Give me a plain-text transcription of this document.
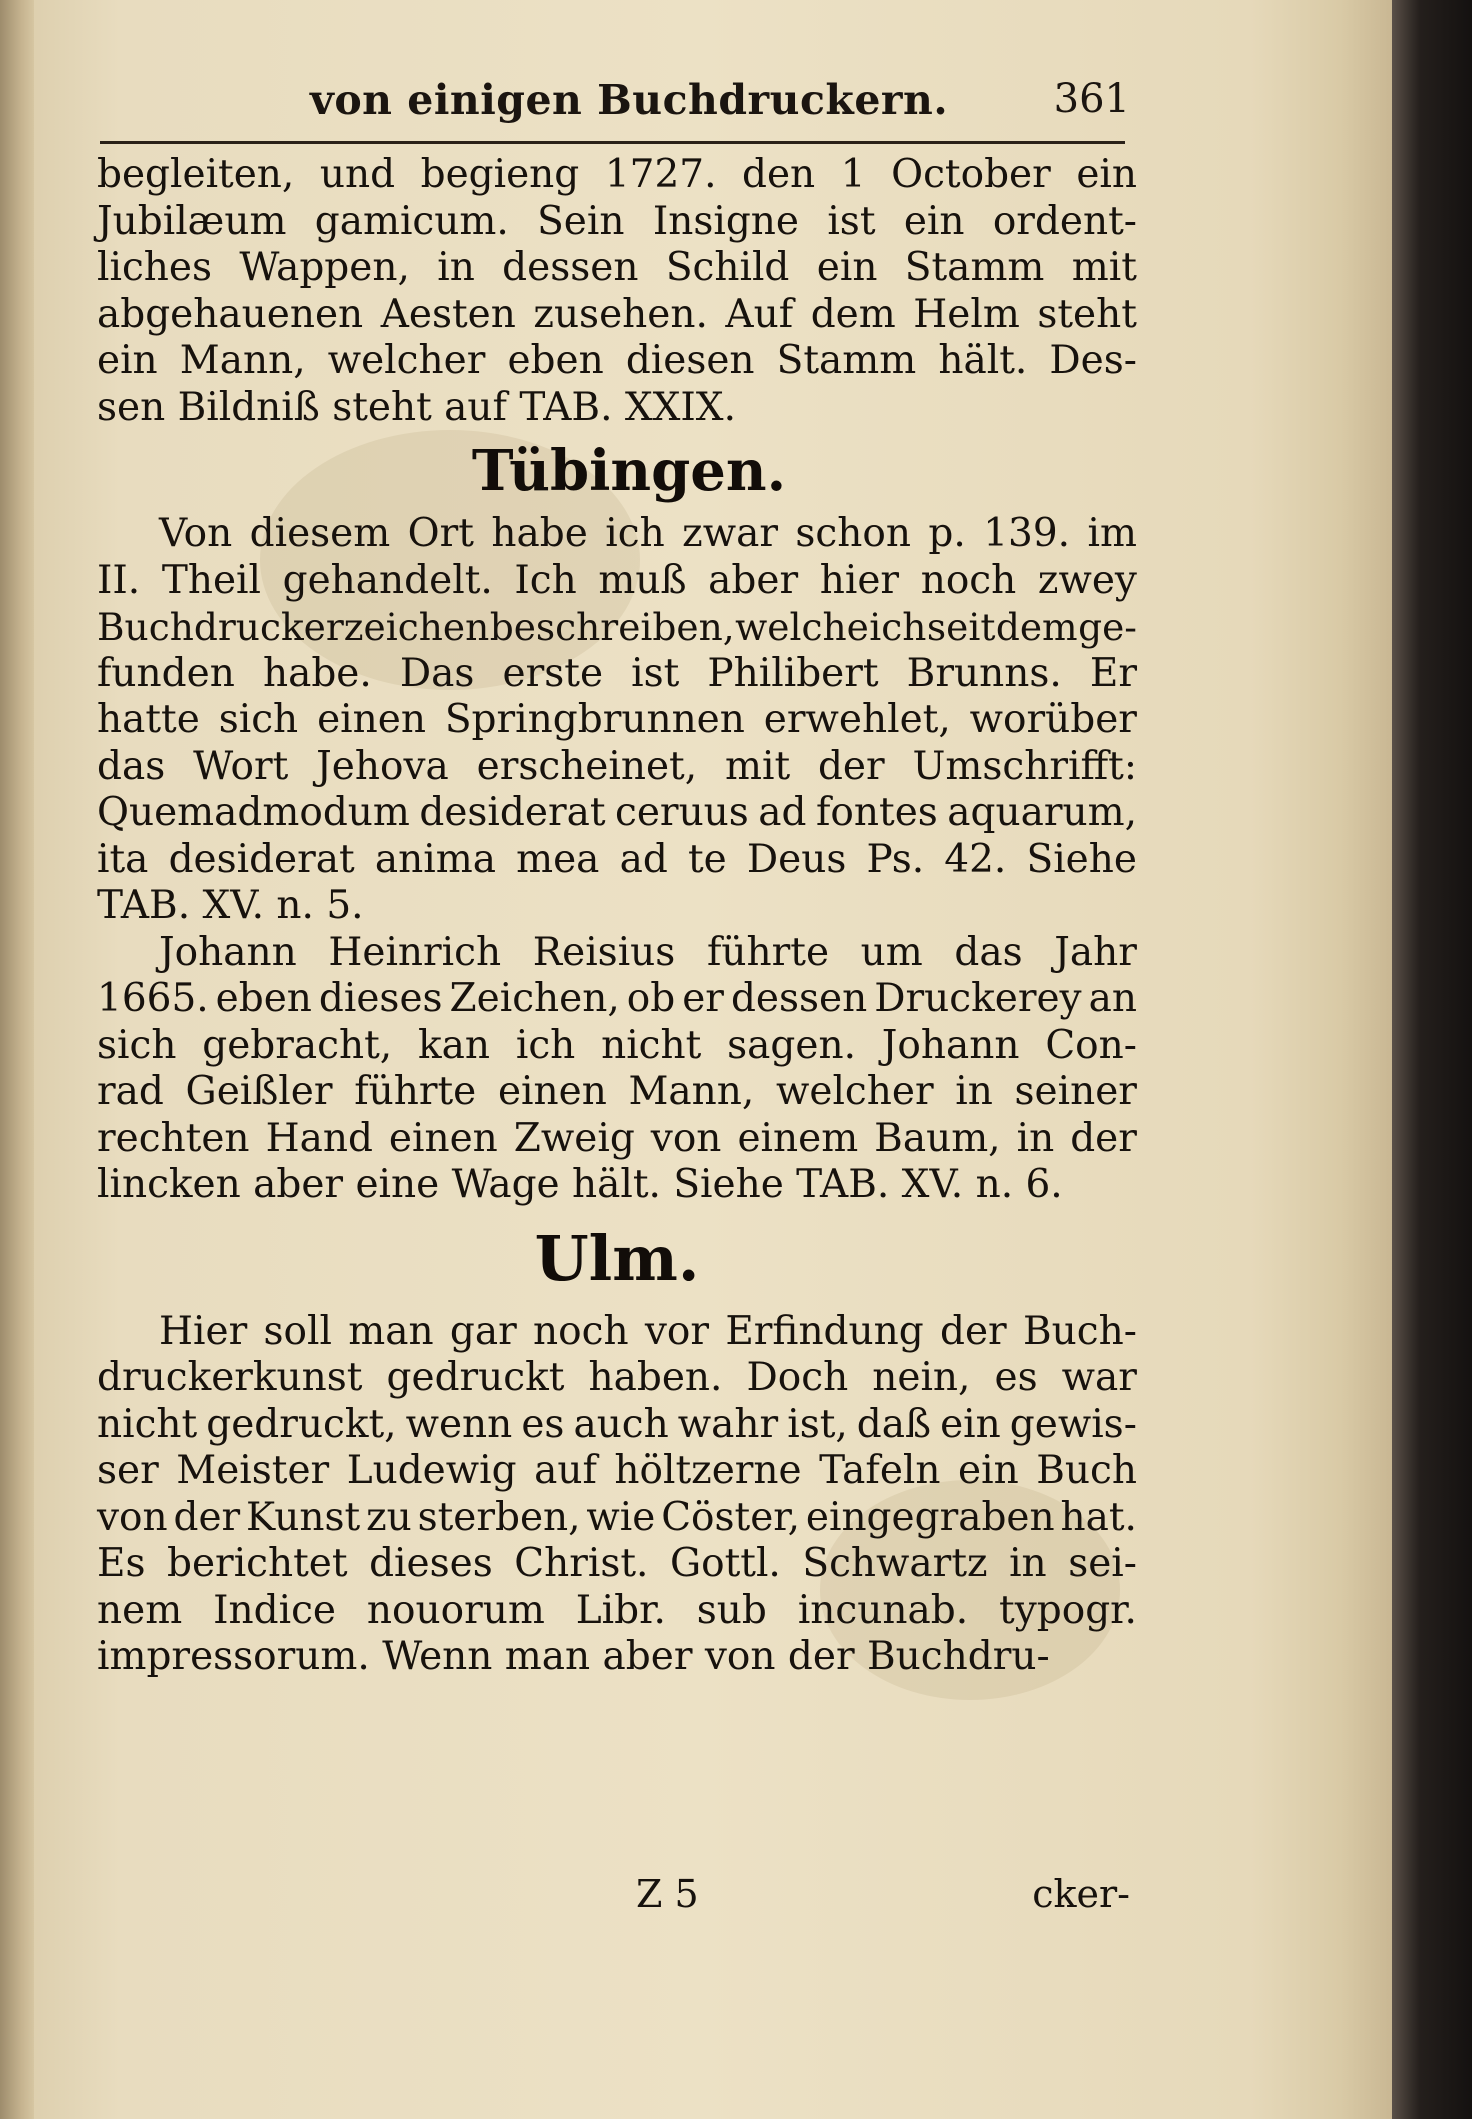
von einigen Buchdruckern.	361
begleiten, und begieng 1727. den 1 October ein
Jubilæum gamicum. Sein Insigne ist ein ordent-
liches Wappen, in dessen Schild ein Stamm mit
abgehauenen Aesten zusehen. Auf dem Helm steht
ein Mann, welcher eben diesen Stamm hält. Des-
sen Bildniß steht auf TAB. XXIX.
Tübingen.
Von diesem Ort habe ich zwar schon p. 139. im
II. Theil gehandelt. Ich muß aber hier noch zwey
Buchdruckerzeichen beschreiben, welche ich seit dem ge-
funden habe. Das erste ist Philibert Brunns. Er
hatte sich einen Springbrunnen erwehlet, worüber
das Wort Jehova erscheinet, mit der Umschrifft:
Quemadmodum desiderat ceruus ad fontes aquarum,
ita desiderat anima mea ad te Deus Ps. 42. Siehe
TAB. XV. n. 5.
Johann Heinrich Reisius führte um das Jahr
1665. eben dieses Zeichen, ob er dessen Druckerey an
sich gebracht, kan ich nicht sagen. Johann Con-
rad Geißler führte einen Mann, welcher in seiner
rechten Hand einen Zweig von einem Baum, in der
lincken aber eine Wage hält. Siehe TAB. XV. n. 6.
Ulm.
Hier soll man gar noch vor Erfindung der Buch-
druckerkunst gedruckt haben. Doch nein, es war
nicht gedruckt, wenn es auch wahr ist, daß ein gewis-
ser Meister Ludewig auf höltzerne Tafeln ein Buch
von der Kunst zu sterben, wie Cöster, eingegraben hat.
Es berichtet dieses Christ. Gottl. Schwartz in sei-
nem Indice nouorum Libr. sub incunab. typogr.
impressorum. Wenn man aber von der Buchdru-
Z 5	cker-
